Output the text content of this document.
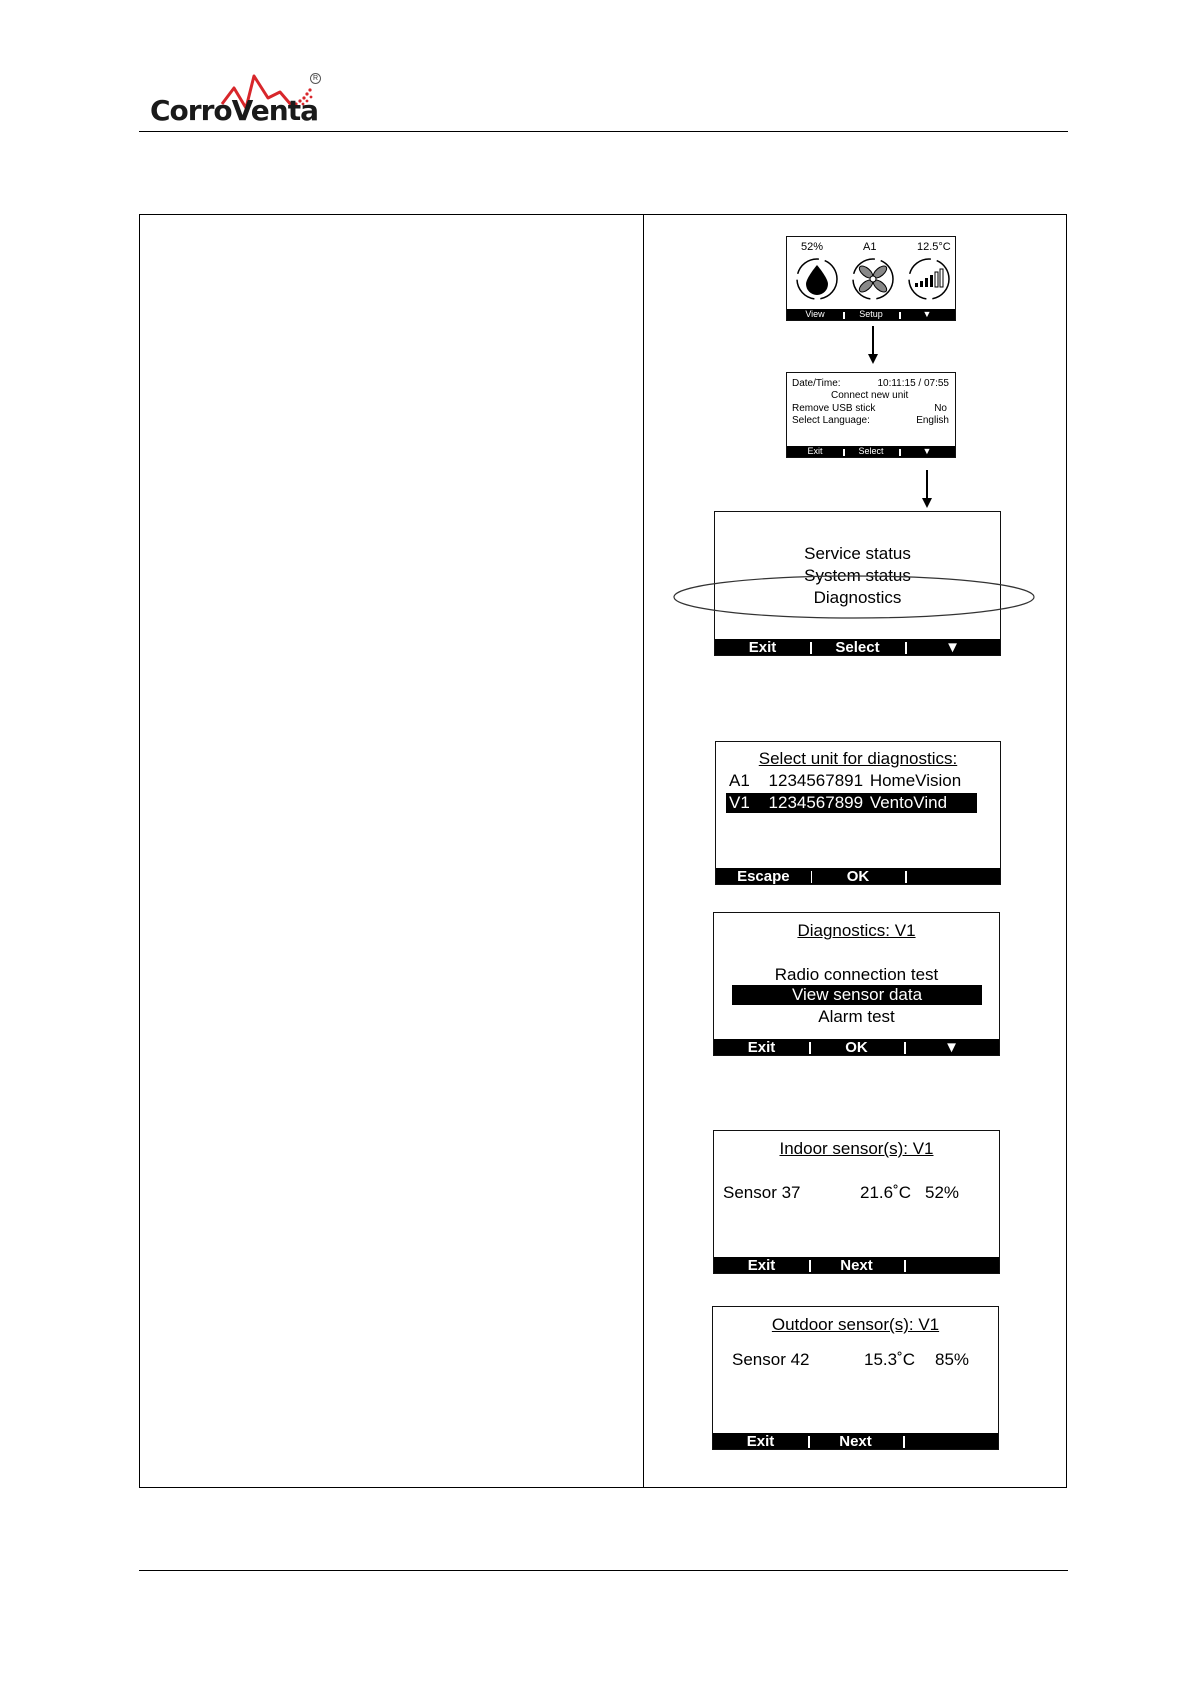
CorroVenta
R
52%	A1	12.5°C
View	Setup	▼
Date/Time:	10:11:15 / 07:55
Connect new unit
Remove USB stick	No
Select Language:	English
Exit	Select	▼
Service status
System status
Diagnostics
Exit	Select	▼
Select unit for diagnostics:
A1 1234567891 HomeVision
V1 1234567899 VentoVind
Escape	OK
Diagnostics: V1
Radio connection test
View sensor data
Alarm test
Exit	OK	▼
Indoor sensor(s): V1
Sensor 37	21.6˚C 52%
Exit	Next
Outdoor sensor(s): V1
Sensor 42	15.3˚C 85%
Exit	Next
